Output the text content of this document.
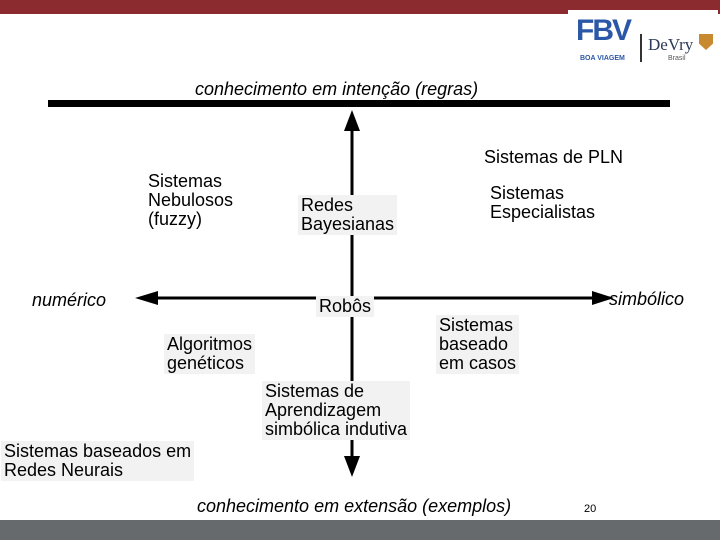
FBV
BOA VIAGEM
DeVry
Brasil
conhecimento em intenção (regras)
conhecimento em extensão (exemplos)
numérico	simbólico
Sistemas de PLN
Sistemas
Nebulosos
(fuzzy)
Redes
Bayesianas
Sistemas
Especialistas
Robôs
Algoritmos
genéticos
Sistemas
baseado
em casos
Sistemas de
Aprendizagem
simbólica indutiva
Sistemas baseados em
Redes Neurais
20
